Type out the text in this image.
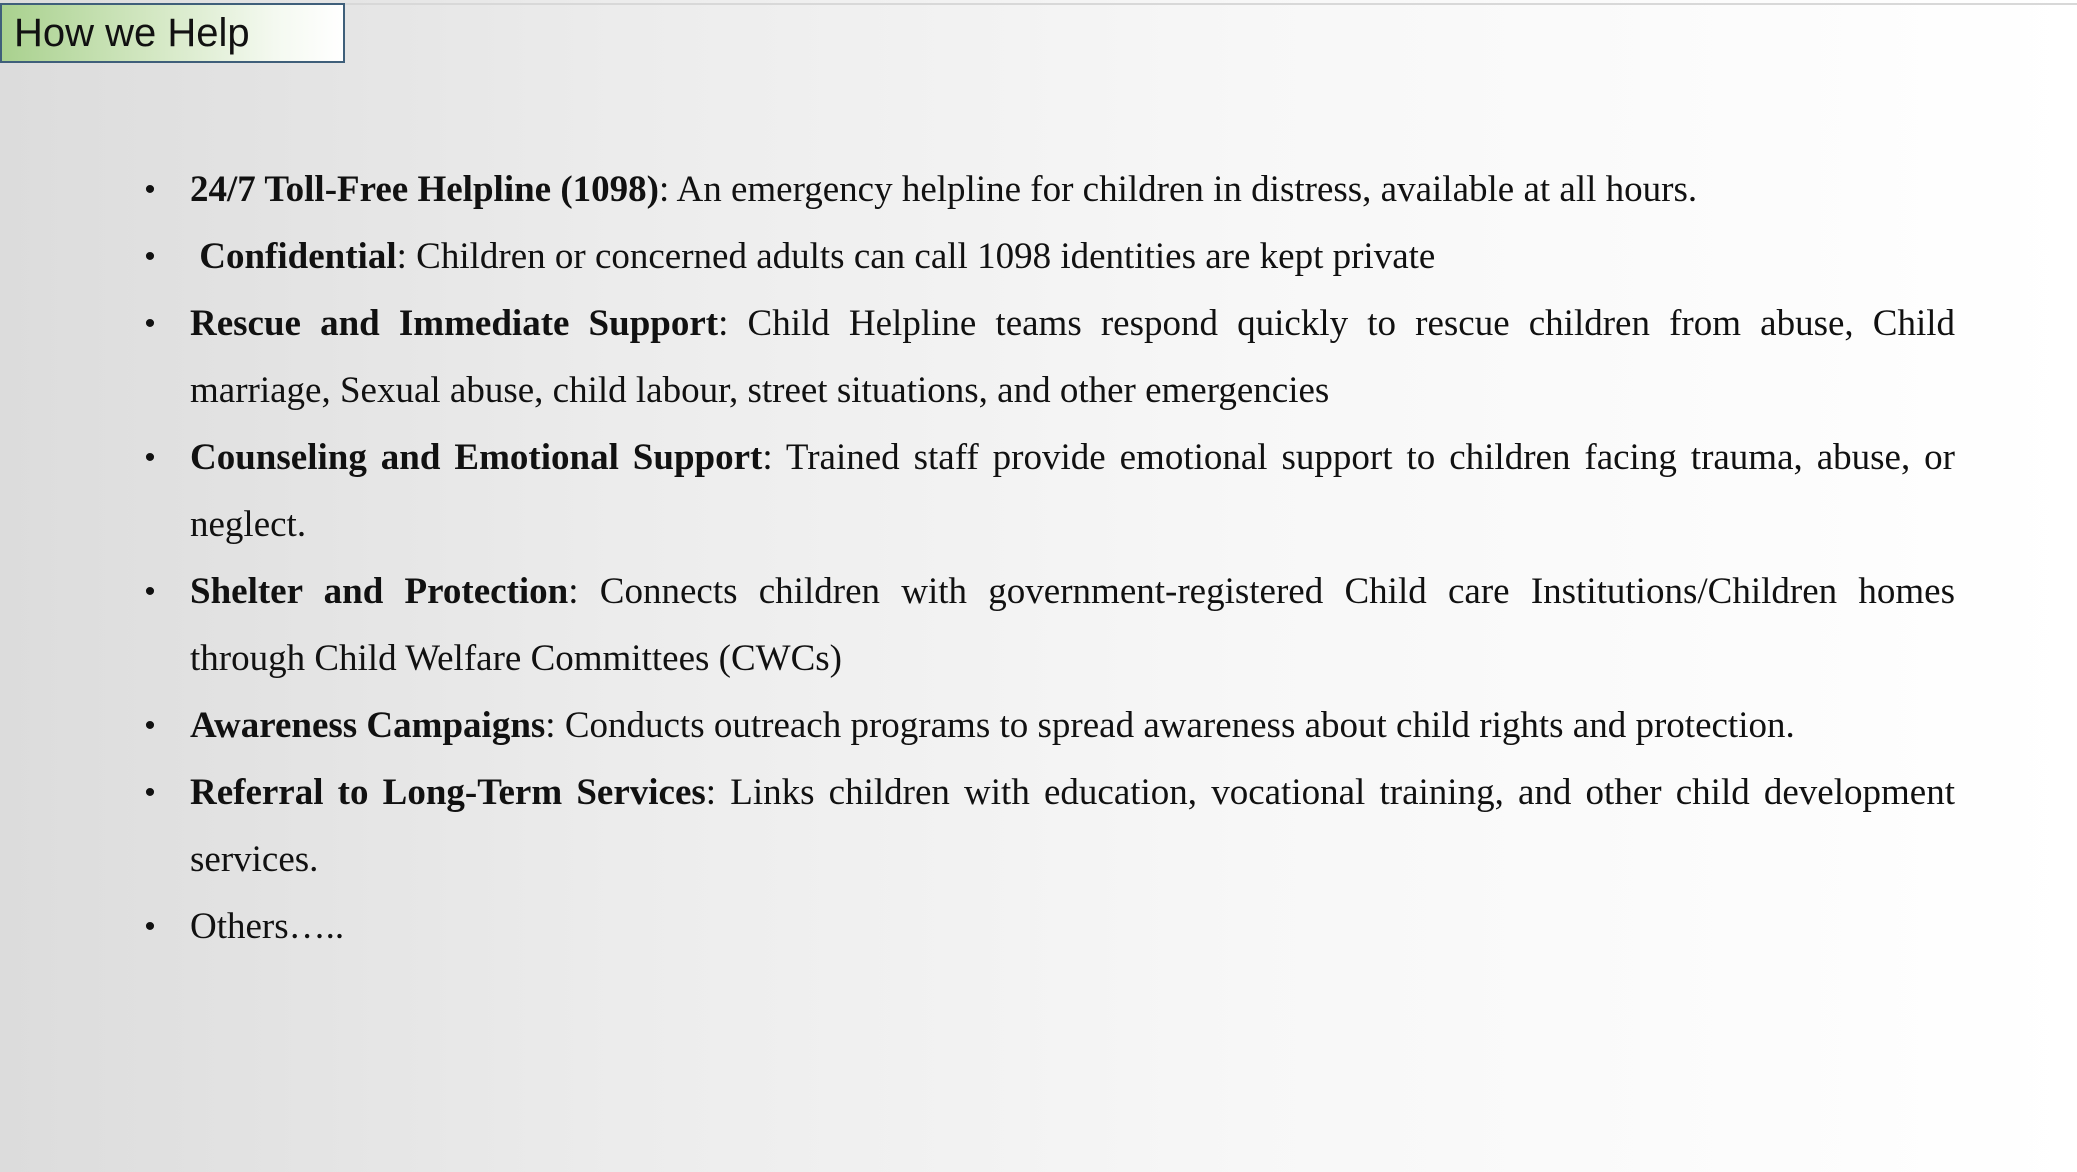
How we Help
• 24/7 Toll-Free Helpline (1098): An emergency helpline for children in distress, available at all hours.
• Confidential: Children or concerned adults can call 1098 identities are kept private
• Rescue and Immediate Support: Child Helpline teams respond quickly to rescue children from abuse, Child marriage, Sexual abuse, child labour, street situations, and other emergencies
• Counseling and Emotional Support: Trained staff provide emotional support to children facing trauma, abuse, or neglect.
• Shelter and Protection: Connects children with government-registered Child care Institutions/Children homes through Child Welfare Committees (CWCs)
• Awareness Campaigns: Conducts outreach programs to spread awareness about child rights and protection.
• Referral to Long-Term Services: Links children with education, vocational training, and other child development services.
• Others…..
